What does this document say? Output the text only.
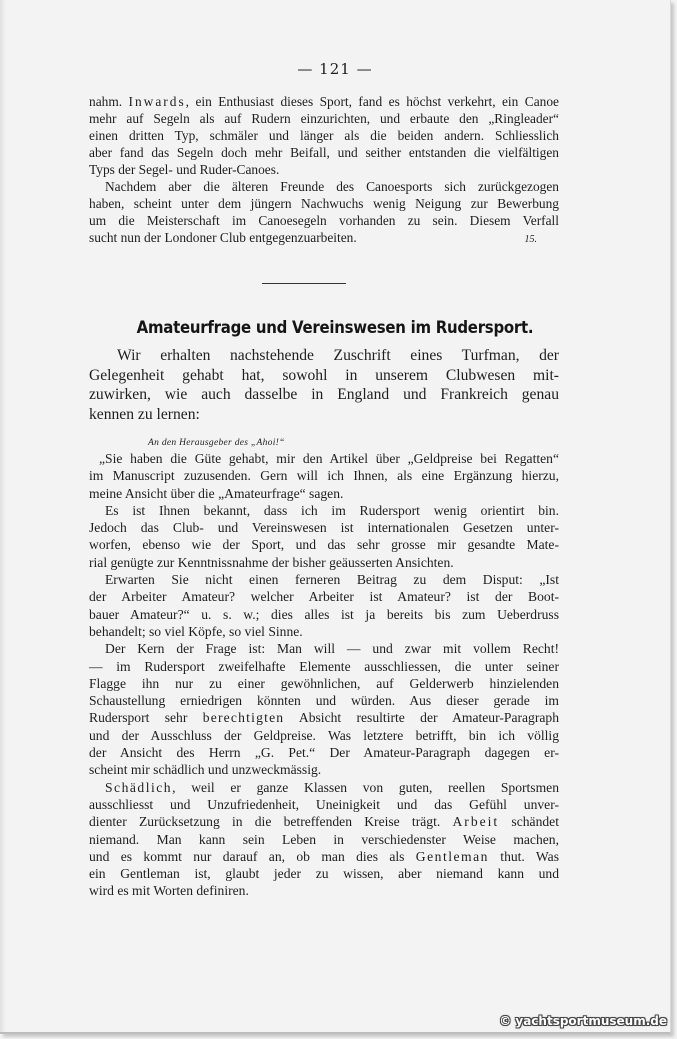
— 121 —
nahm. Inwards, ein Enthusiast dieses Sport, fand es höchst verkehrt, ein Canoe
mehr auf Segeln als auf Rudern einzurichten, und erbaute den „Ringleader“
einen dritten Typ, schmäler und länger als die beiden andern. Schliesslich
aber fand das Segeln doch mehr Beifall, und seither entstanden die vielfältigen
Typs der Segel- und Ruder-Canoes.
Nachdem aber die älteren Freunde des Canoesports sich zurückgezogen
haben, scheint unter dem jüngern Nachwuchs wenig Neigung zur Bewerbung
um die Meisterschaft im Canoesegeln vorhanden zu sein. Diesem Verfall
sucht nun der Londoner Club entgegenzuarbeiten.	15.
Amateurfrage und Vereinswesen im Rudersport.
Wir erhalten nachstehende Zuschrift eines Turfman, der
Gelegenheit gehabt hat, sowohl in unserem Clubwesen mit-
zuwirken, wie auch dasselbe in England und Frankreich genau
kennen zu lernen:
An den Herausgeber des „Ahoi!“
„Sie haben die Güte gehabt, mir den Artikel über „Geldpreise bei Regatten“
im Manuscript zuzusenden. Gern will ich Ihnen, als eine Ergänzung hierzu,
meine Ansicht über die „Amateurfrage“ sagen.
Es ist Ihnen bekannt, dass ich im Rudersport wenig orientirt bin.
Jedoch das Club- und Vereinswesen ist internationalen Gesetzen unter-
worfen, ebenso wie der Sport, und das sehr grosse mir gesandte Mate-
rial genügte zur Kenntnissnahme der bisher geäusserten Ansichten.
Erwarten Sie nicht einen ferneren Beitrag zu dem Disput: „Ist
der Arbeiter Amateur? welcher Arbeiter ist Amateur? ist der Boot-
bauer Amateur?“ u. s. w.; dies alles ist ja bereits bis zum Ueberdruss
behandelt; so viel Köpfe, so viel Sinne.
Der Kern der Frage ist: Man will — und zwar mit vollem Recht!
— im Rudersport zweifelhafte Elemente ausschliessen, die unter seiner
Flagge ihn nur zu einer gewöhnlichen, auf Gelderwerb hinzielenden
Schaustellung erniedrigen könnten und würden. Aus dieser gerade im
Rudersport sehr berechtigten Absicht resultirte der Amateur-Paragraph
und der Ausschluss der Geldpreise. Was letztere betrifft, bin ich völlig
der Ansicht des Herrn „G. Pet.“ Der Amateur-Paragraph dagegen er-
scheint mir schädlich und unzweckmässig.
Schädlich, weil er ganze Klassen von guten, reellen Sportsmen
ausschliesst und Unzufriedenheit, Uneinigkeit und das Gefühl unver-
dienter Zurücksetzung in die betreffenden Kreise trägt. Arbeit schändet
niemand. Man kann sein Leben in verschiedenster Weise machen,
und es kommt nur darauf an, ob man dies als Gentleman thut. Was
ein Gentleman ist, glaubt jeder zu wissen, aber niemand kann und
wird es mit Worten definiren.
© yachtsportmuseum.de
